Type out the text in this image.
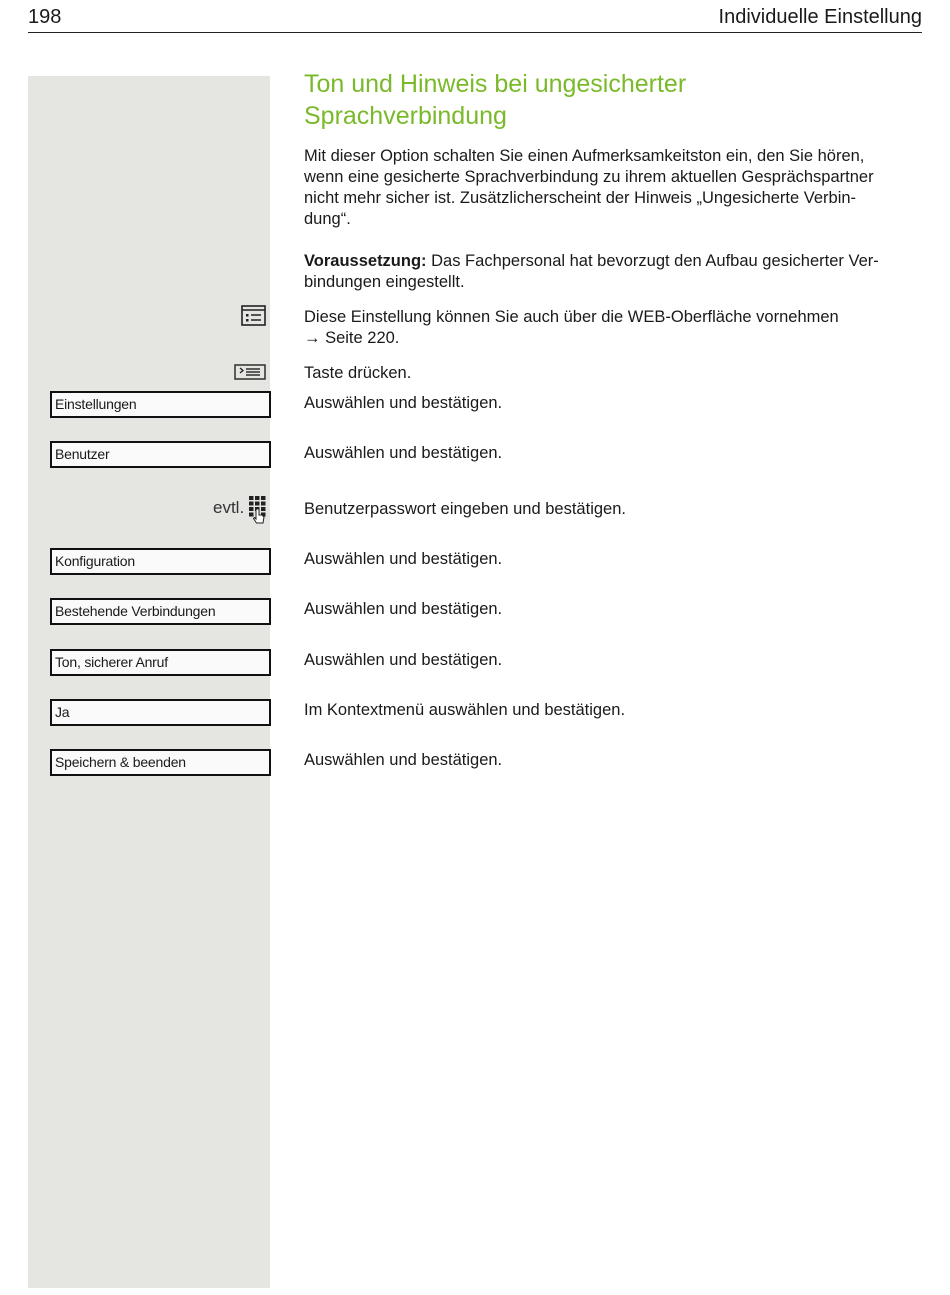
198	Individuelle Einstellung
Ton und Hinweis bei ungesicherter
Sprachverbindung

Mit dieser Option schalten Sie einen Aufmerksamkeitston ein, den Sie hören,
wenn eine gesicherte Sprachverbindung zu ihrem aktuellen Gesprächspartner
nicht mehr sicher ist. Zusätzlicherscheint der Hinweis „Ungesicherte Verbin-
dung“.

Voraussetzung: Das Fachpersonal hat bevorzugt den Aufbau gesicherter Ver-
bindungen eingestellt.

Diese Einstellung können Sie auch über die WEB-Oberfläche vornehmen
→ Seite 220.

Taste drücken.
Einstellungen	Auswählen und bestätigen.
Benutzer	Auswählen und bestätigen.
evtl.	Benutzerpasswort eingeben und bestätigen.
Konfiguration	Auswählen und bestätigen.
Bestehende Verbindungen	Auswählen und bestätigen.
Ton, sicherer Anruf	Auswählen und bestätigen.
Ja	Im Kontextmenü auswählen und bestätigen.
Speichern & beenden	Auswählen und bestätigen.
